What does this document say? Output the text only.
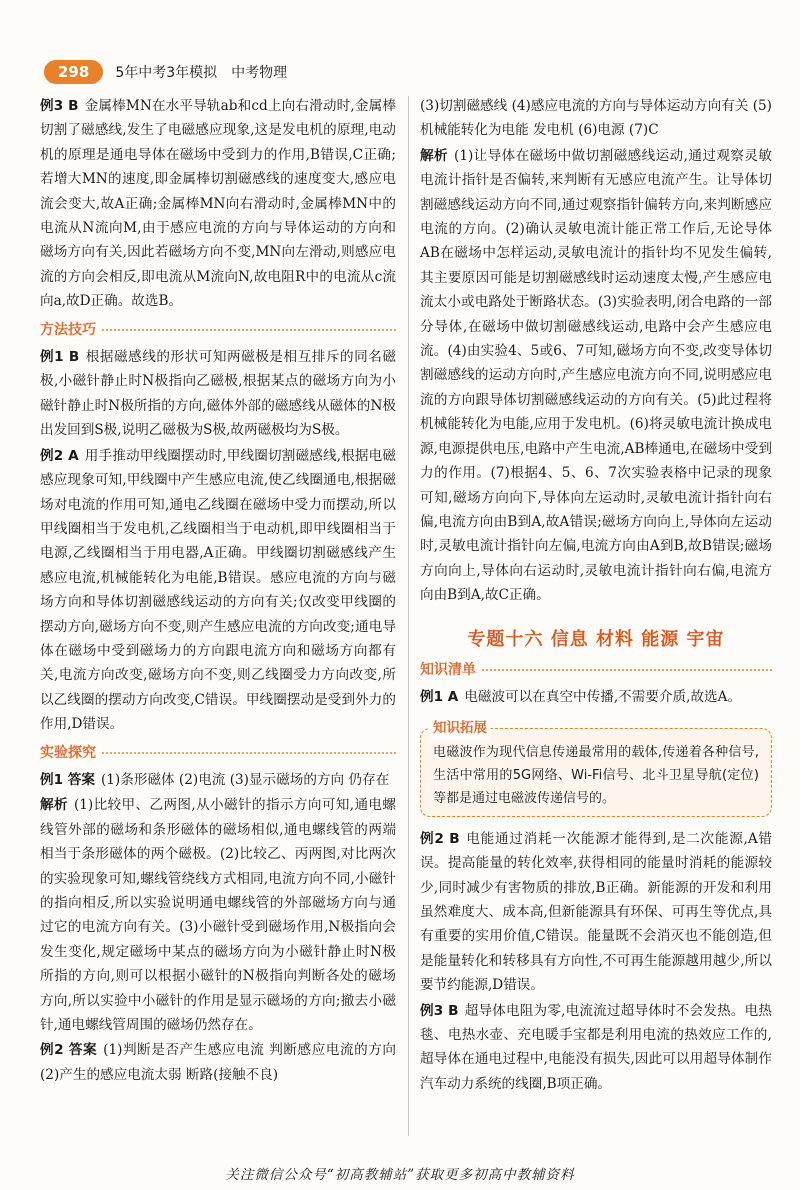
298	5年中考3年模拟 中考物理

例3 B 金属棒MN在水平导轨ab和cd上向右滑动时,金属棒切割了磁感线,发生了电磁感应现象,这是发电机的原理,电动机的原理是通电导体在磁场中受到力的作用,B错误,C正确;若增大MN的速度,即金属棒切割磁感线的速度变大,感应电流会变大,故A正确;金属棒MN向右滑动时,金属棒MN中的电流从N流向M,由于感应电流的方向与导体运动的方向和磁场方向有关,因此若磁场方向不变,MN向左滑动,则感应电流的方向会相反,即电流从M流向N,故电阻R中的电流从c流向a,故D正确。故选B。

方法技巧

例1 B 根据磁感线的形状可知两磁极是相互排斥的同名磁极,小磁针静止时N极指向乙磁极,根据某点的磁场方向为小磁针静止时N极所指的方向,磁体外部的磁感线从磁体的N极出发回到S极,说明乙磁极为S极,故两磁极均为S极。

例2 A 用手推动甲线圈摆动时,甲线圈切割磁感线,根据电磁感应现象可知,甲线圈中产生感应电流,使乙线圈通电,根据磁场对电流的作用可知,通电乙线圈在磁场中受力而摆动,所以甲线圈相当于发电机,乙线圈相当于电动机,即甲线圈相当于电源,乙线圈相当于用电器,A正确。甲线圈切割磁感线产生感应电流,机械能转化为电能,B错误。感应电流的方向与磁场方向和导体切割磁感线运动的方向有关;仅改变甲线圈的摆动方向,磁场方向不变,则产生感应电流的方向改变;通电导体在磁场中受到磁场力的方向跟电流方向和磁场方向都有关,电流方向改变,磁场方向不变,则乙线圈受力方向改变,所以乙线圈的摆动方向改变,C错误。甲线圈摆动是受到外力的作用,D错误。

实验探究

例1 答案 (1)条形磁体 (2)电流 (3)显示磁场的方向 仍存在

解析 (1)比较甲、乙两图,从小磁针的指示方向可知,通电螺线管外部的磁场和条形磁体的磁场相似,通电螺线管的两端相当于条形磁体的两个磁极。(2)比较乙、丙两图,对比两次的实验现象可知,螺线管绕线方式相同,电流方向不同,小磁针的指向相反,所以实验说明通电螺线管的外部磁场方向与通过它的电流方向有关。(3)小磁针受到磁场作用,N极指向会发生变化,规定磁场中某点的磁场方向为小磁针静止时N极所指的方向,则可以根据小磁针的N极指向判断各处的磁场方向,所以实验中小磁针的作用是显示磁场的方向;撤去小磁针,通电螺线管周围的磁场仍然存在。

例2 答案 (1)判断是否产生感应电流 判断感应电流的方向 (2)产生的感应电流太弱 断路(接触不良)

(3)切割磁感线 (4)感应电流的方向与导体运动方向有关 (5)机械能转化为电能 发电机 (6)电源 (7)C

解析 (1)让导体在磁场中做切割磁感线运动,通过观察灵敏电流计指针是否偏转,来判断有无感应电流产生。让导体切割磁感线运动方向不同,通过观察指针偏转方向,来判断感应电流的方向。(2)确认灵敏电流计能正常工作后,无论导体AB在磁场中怎样运动,灵敏电流计的指针均不见发生偏转,其主要原因可能是切割磁感线时运动速度太慢,产生感应电流太小或电路处于断路状态。(3)实验表明,闭合电路的一部分导体,在磁场中做切割磁感线运动,电路中会产生感应电流。(4)由实验4、5或6、7可知,磁场方向不变,改变导体切割磁感线的运动方向时,产生感应电流方向不同,说明感应电流的方向跟导体切割磁感线运动的方向有关。(5)此过程将机械能转化为电能,应用于发电机。(6)将灵敏电流计换成电源,电源提供电压,电路中产生电流,AB棒通电,在磁场中受到力的作用。(7)根据4、5、6、7次实验表格中记录的现象可知,磁场方向向下,导体向左运动时,灵敏电流计指针向右偏,电流方向由B到A,故A错误;磁场方向向上,导体向左运动时,灵敏电流计指针向左偏,电流方向由A到B,故B错误;磁场方向向上,导体向右运动时,灵敏电流计指针向右偏,电流方向由B到A,故C正确。

专题十六 信息 材料 能源 宇宙
知识清单

例1 A 电磁波可以在真空中传播,不需要介质,故选A。

知识拓展
电磁波作为现代信息传递最常用的载体,传递着各种信号,生活中常用的5G网络、Wi-Fi信号、北斗卫星导航(定位)等都是通过电磁波传递信号的。

例2 B 电能通过消耗一次能源才能得到,是二次能源,A错误。提高能量的转化效率,获得相同的能量时消耗的能源较少,同时减少有害物质的排放,B正确。新能源的开发和利用虽然难度大、成本高,但新能源具有环保、可再生等优点,具有重要的实用价值,C错误。能量既不会消灭也不能创造,但是能量转化和转移具有方向性,不可再生能源越用越少,所以要节约能源,D错误。

例3 B 超导体电阻为零,电流流过超导体时不会发热。电热毯、电热水壶、充电暖手宝都是利用电流的热效应工作的,超导体在通电过程中,电能没有损失,因此可以用超导体制作汽车动力系统的线圈,B项正确。

关注微信公众号“初高教辅站”获取更多初高中教辅资料
